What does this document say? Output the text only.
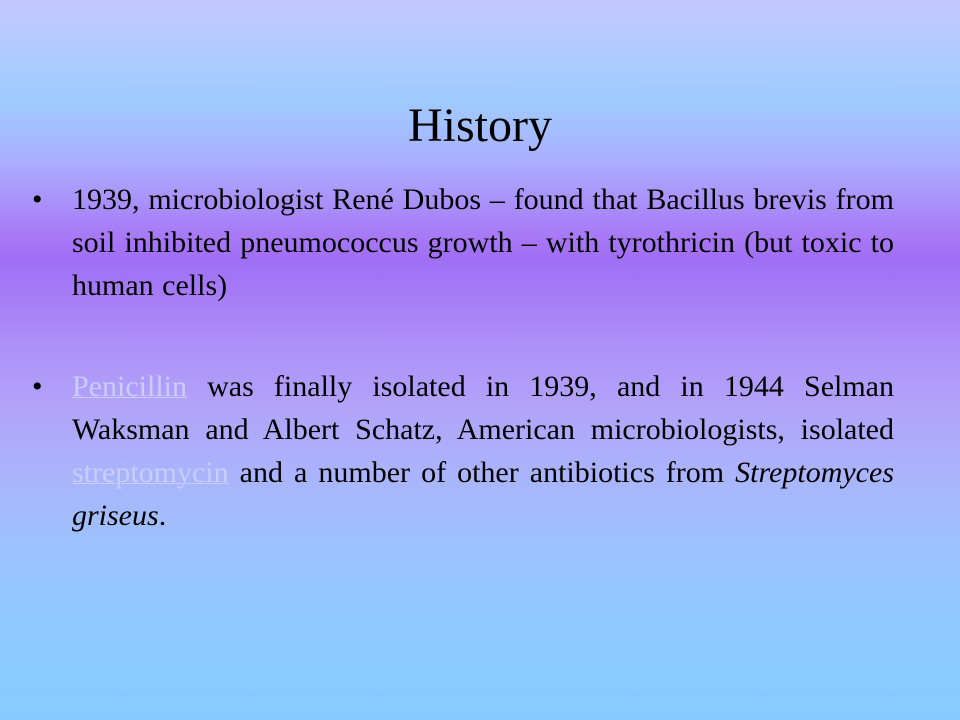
History
• 1939, microbiologist René Dubos – found that Bacillus brevis from soil inhibited pneumococcus growth – with tyrothricin (but toxic to human cells)
• Penicillin was finally isolated in 1939, and in 1944 Selman Waksman and Albert Schatz, American microbiologists, isolated streptomycin and a number of other antibiotics from Streptomyces griseus.
